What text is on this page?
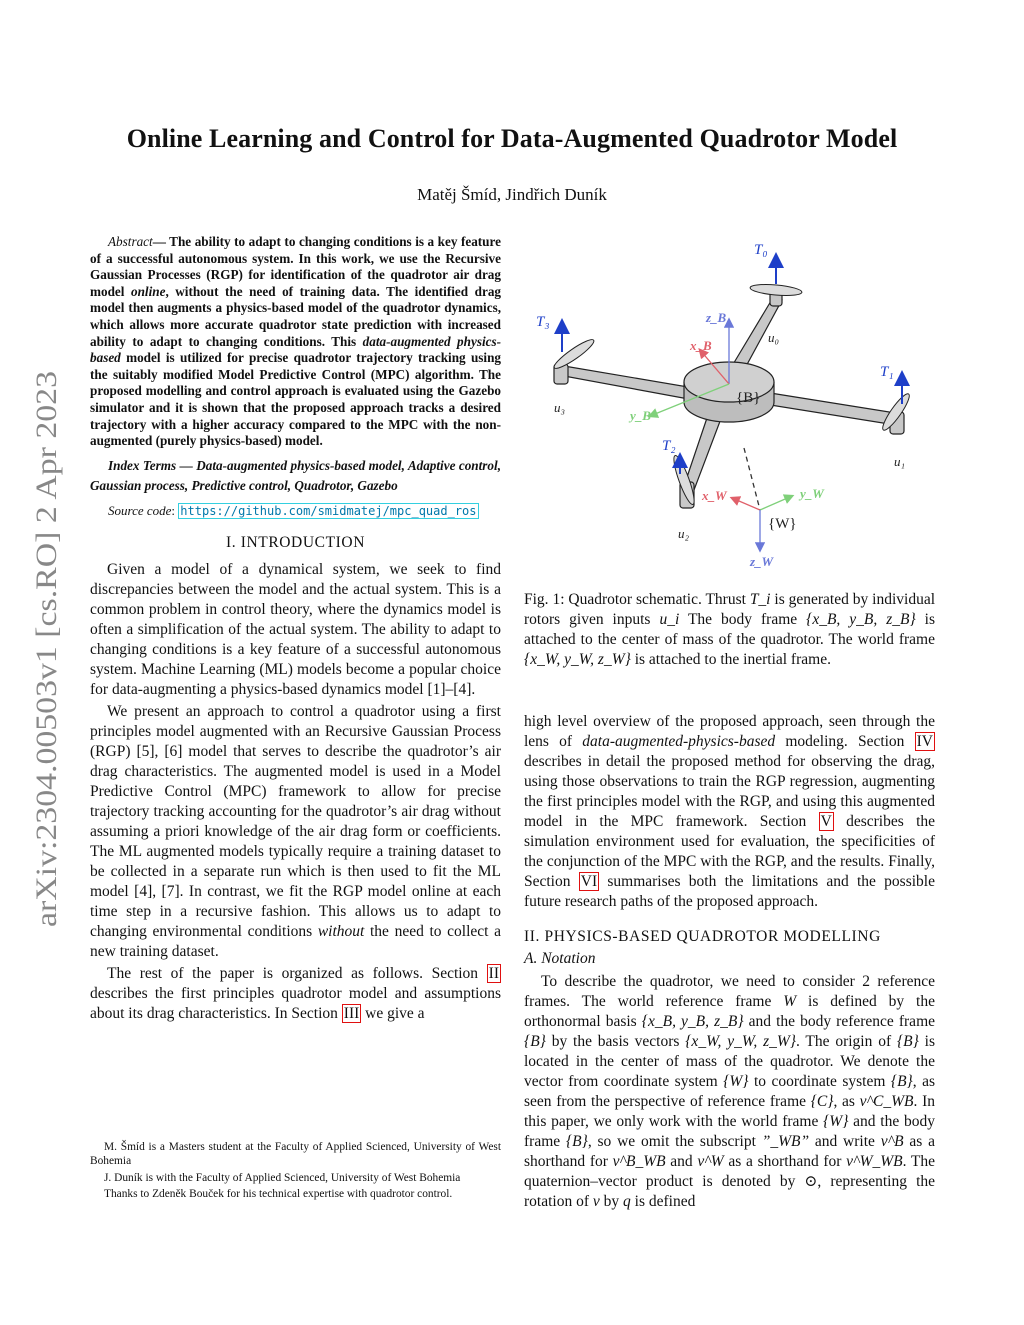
arXiv:2304.00503v1 [cs.RO] 2 Apr 2023
Online Learning and Control for Data-Augmented Quadrotor Model
Matěj Šmíd, Jindřich Duník

Abstract— The ability to adapt to changing conditions is a key feature of a successful autonomous system. In this work, we use the Recursive Gaussian Processes (RGP) for identification of the quadrotor air drag model online, without the need of training data. The identified drag model then augments a physics-based model of the quadrotor dynamics, which allows more accurate quadrotor state prediction with increased ability to adapt to changing conditions. This data-augmented physics-based model is utilized for precise quadrotor trajectory tracking using the suitably modified Model Predictive Control (MPC) algorithm. The proposed modelling and control approach is evaluated using the Gazebo simulator and it is shown that the proposed approach tracks a desired trajectory with a higher accuracy compared to the MPC with the non-augmented (purely physics-based) model.

Index Terms — Data-augmented physics-based model, Adaptive control, Gaussian process, Predictive control, Quadrotor, Gazebo

Source code: https://github.com/smidmatej/mpc_quad_ros

I. INTRODUCTION

Given a model of a dynamical system, we seek to find discrepancies between the model and the actual system. This is a common problem in control theory, where the dynamics model is often a simplification of the actual system. The ability to adapt to changing conditions is a key feature of a successful autonomous system. Machine Learning (ML) models become a popular choice for data-augmenting a physics-based dynamics model [1]–[4].

We present an approach to control a quadrotor using a first principles model augmented with an Recursive Gaussian Process (RGP) [5], [6] model that serves to describe the quadrotor’s air drag characteristics. The augmented model is used in a Model Predictive Control (MPC) framework to allow for precise trajectory tracking accounting for the quadrotor’s air drag without assuming a priori knowledge of the air drag form or coefficients. The ML augmented models typically require a training dataset to be collected in a separate run which is then used to fit the ML model [4], [7]. In contrast, we fit the RGP model online at each time step in a recursive fashion. This allows us to adapt to changing environmental conditions without the need to collect a new training dataset.

The rest of the paper is organized as follows. Section II describes the first principles quadrotor model and assumptions about its drag characteristics. In Section III we give a

M. Šmíd is a Masters student at the Faculty of Applied Scienced, University of West Bohemia

J. Duník is with the Faculty of Applied Scienced, University of West Bohemia

Thanks to Zdeněk Bouček for his technical expertise with quadrotor control.

T₀
T₃
T₁
T₂
u₀
u₁
u₂
u₃
z_B
x_B
y_B
{B}
x_W	y_W
{W}
z_W

Fig. 1: Quadrotor schematic. Thrust T_i is generated by individual rotors given inputs u_i The body frame {x_B, y_B, z_B} is attached to the center of mass of the quadrotor. The world frame {x_W, y_W, z_W} is attached to the inertial frame.

high level overview of the proposed approach, seen through the lens of data-augmented-physics-based modeling. Section IV describes in detail the proposed method for observing the drag, using those observations to train the RGP regression, augmenting the first principles model with the RGP, and using this augmented model in the MPC framework. Section V describes the simulation environment used for evaluation, the specificities of the conjunction of the MPC with the RGP, and the results. Finally, Section VI summarises both the limitations and the possible future research paths of the proposed approach.

II. PHYSICS-BASED QUADROTOR MODELLING
A. Notation

To describe the quadrotor, we need to consider 2 reference frames. The world reference frame W is defined by the orthonormal basis {x_B, y_B, z_B} and the body reference frame {B} by the basis vectors {x_W, y_W, z_W}. The origin of {B} is located in the center of mass of the quadrotor. We denote the vector from coordinate system {W} to coordinate system {B}, as seen from the perspective of reference frame {C}, as v^C_WB. In this paper, we only work with the world frame {W} and the body frame {B}, so we omit the subscript ”_WB” and write v^B as a shorthand for v^B_WB and v^W as a shorthand for v^W_WB. The quaternion–vector product is denoted by ⊙, representing the rotation of v by q is defined
